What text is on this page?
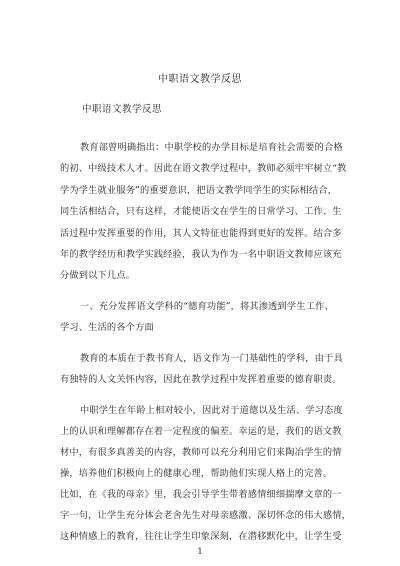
中职语文教学反思
中职语文教学反思
教育部曾明确指出：中职学校的办学目标是培育社会需要的合格
的初、中级技术人才。因此在语文教学过程中，教师必须牢牢树立“教
学为学生就业服务”的重要意识，把语文教学同学生的实际相结合，
同生活相结合，只有这样，才能使语文在学生的日常学习、工作、生
活过程中发挥重要的作用，其人文特征也能得到更好的发挥。结合多
年的教学经历和教学实践经验，我认为作为一名中职语文教师应该充
分做到以下几点。
一、充分发挥语文学科的“德育功能”，将其渗透到学生工作、
学习、生活的各个方面
教育的本质在于教书育人，语文作为一门基础性的学科，由于具
有独特的人文关怀内容，因此在教学过程中发挥着重要的德育职责。
中职学生在年龄上相对较小，因此对于道德以及生活、学习态度
上的认识和理解都存在着一定程度的偏差。幸运的是，我们的语文教
材中，有很多真善美的内容，教师可以充分利用它们来陶冶学生的情
操，培养他们积极向上的健康心理，帮助他们实现人格上的完善。
比如，在《我的母亲》里，我会引导学生带着感情细细揣摩文章的一
字一句，让学生充分体会老舍先生对母亲感激、深切怀念的伟大感情，
这种情感上的教育，往往让学生印象深刻，在潜移默化中，让学生受
1
